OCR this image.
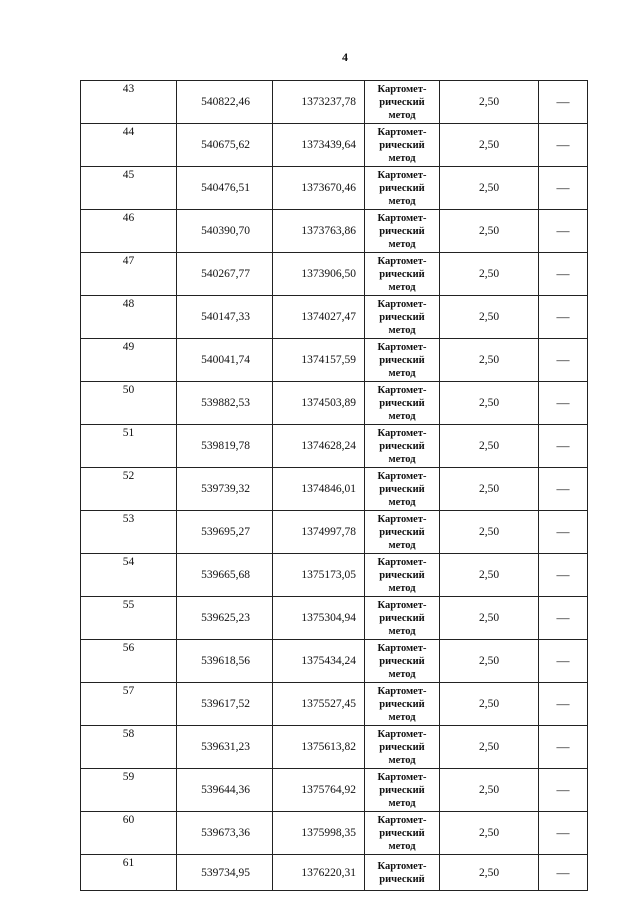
4
43	540822,46	1373237,78	Картомет-
рический
метод	2,50	—
44	540675,62	1373439,64	Картомет-
рический
метод	2,50	—
45	540476,51	1373670,46	Картомет-
рический
метод	2,50	—
46	540390,70	1373763,86	Картомет-
рический
метод	2,50	—
47	540267,77	1373906,50	Картомет-
рический
метод	2,50	—
48	540147,33	1374027,47	Картомет-
рический
метод	2,50	—
49	540041,74	1374157,59	Картомет-
рический
метод	2,50	—
50	539882,53	1374503,89	Картомет-
рический
метод	2,50	—
51	539819,78	1374628,24	Картомет-
рический
метод	2,50	—
52	539739,32	1374846,01	Картомет-
рический
метод	2,50	—
53	539695,27	1374997,78	Картомет-
рический
метод	2,50	—
54	539665,68	1375173,05	Картомет-
рический
метод	2,50	—
55	539625,23	1375304,94	Картомет-
рический
метод	2,50	—
56	539618,56	1375434,24	Картомет-
рический
метод	2,50	—
57	539617,52	1375527,45	Картомет-
рический
метод	2,50	—
58	539631,23	1375613,82	Картомет-
рический
метод	2,50	—
59	539644,36	1375764,92	Картомет-
рический
метод	2,50	—
60	539673,36	1375998,35	Картомет-
рический
метод	2,50	—
61	539734,95	1376220,31	Картомет-
рический	2,50	—
